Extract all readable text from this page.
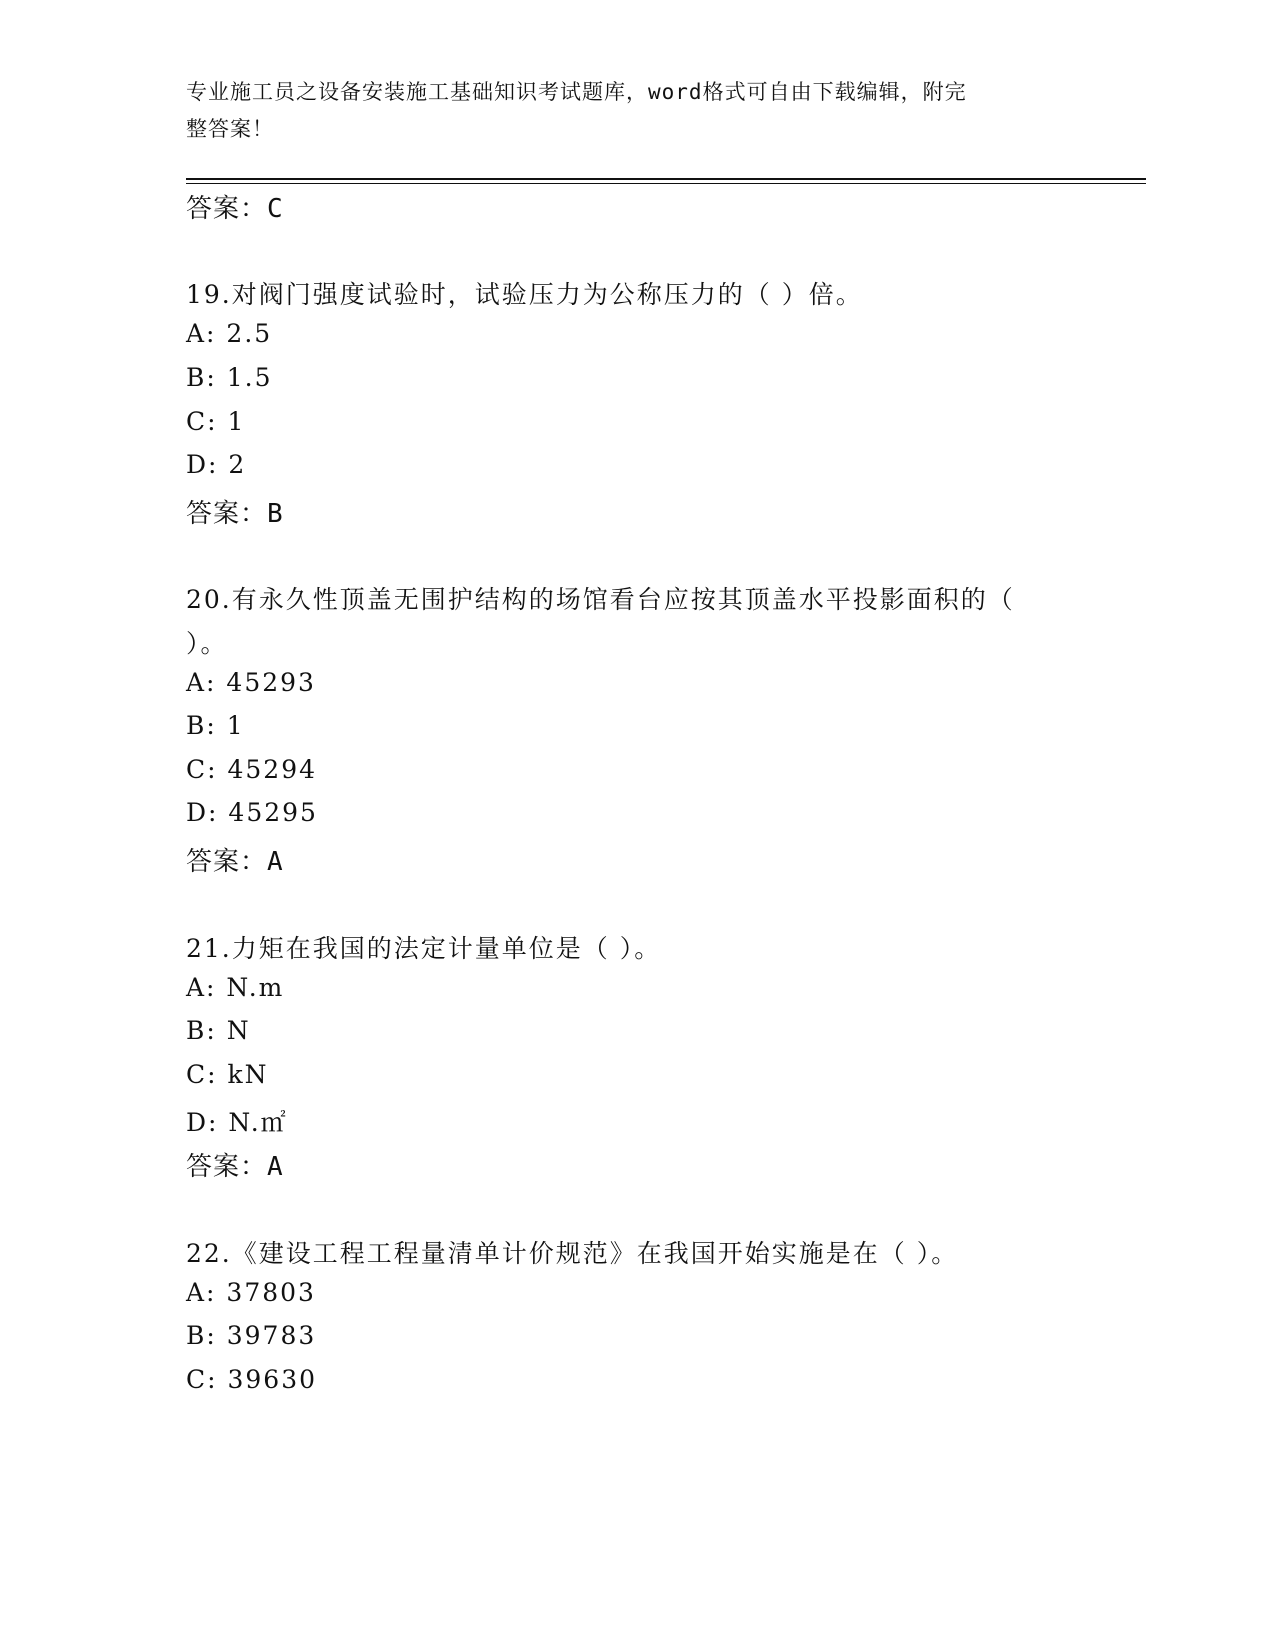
专业施工员之设备安装施工基础知识考试题库，word格式可自由下载编辑，附完
整答案！
答案：C
19.对阀门强度试验时，试验压力为公称压力的（ ）倍。
A: 2.5
B: 1.5
C: 1
D: 2
答案：B
20.有永久性顶盖无围护结构的场馆看台应按其顶盖水平投影面积的（
）。
A: 45293
B: 1
C: 45294
D: 45295
答案：A
21.力矩在我国的法定计量单位是（ ）。
A: N.m
B: N
C: kN
D: N.㎡
答案：A
22.《建设工程工程量清单计价规范》在我国开始实施是在（ ）。
A: 37803
B: 39783
C: 39630
